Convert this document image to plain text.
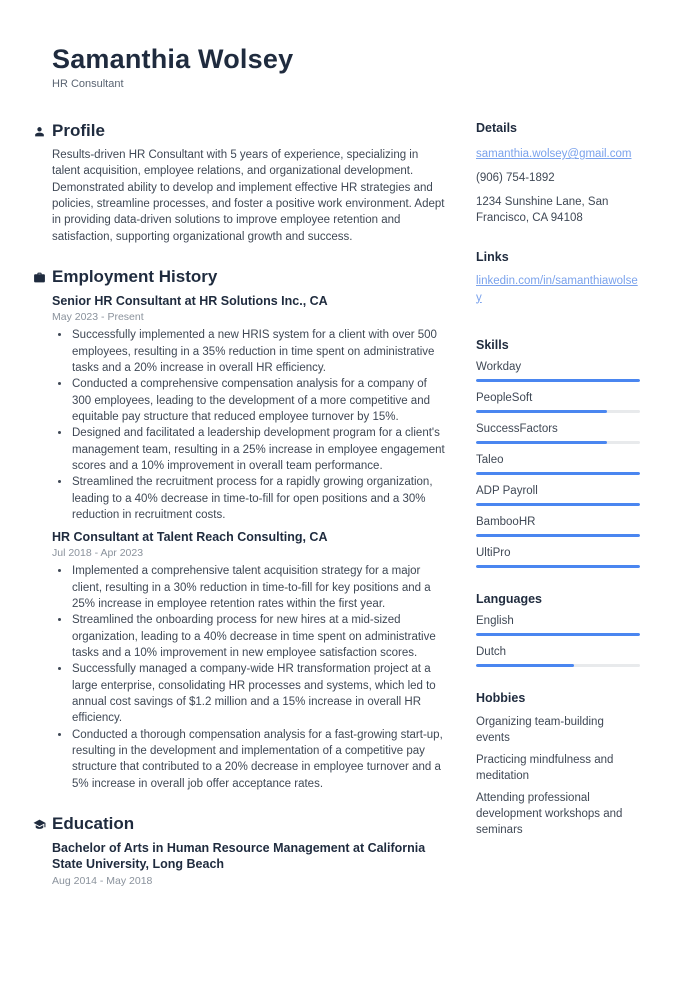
Samanthia Wolsey
HR Consultant
Profile

Results-driven HR Consultant with 5 years of experience, specializing in talent acquisition, employee relations, and organizational development. Demonstrated ability to develop and implement effective HR strategies and policies, streamline processes, and foster a positive work environment. Adept in providing data-driven solutions to improve employee retention and satisfaction, supporting organizational growth and success.

Employment History
Senior HR Consultant at HR Solutions Inc., CA
May 2023 - Present
• Successfully implemented a new HRIS system for a client with over 500 employees, resulting in a 35% reduction in time spent on administrative tasks and a 20% increase in overall HR efficiency.
• Conducted a comprehensive compensation analysis for a company of 300 employees, leading to the development of a more competitive and equitable pay structure that reduced employee turnover by 15%.
• Designed and facilitated a leadership development program for a client's management team, resulting in a 25% increase in employee engagement scores and a 10% improvement in overall team performance.
• Streamlined the recruitment process for a rapidly growing organization, leading to a 40% decrease in time-to-fill for open positions and a 30% reduction in recruitment costs.
HR Consultant at Talent Reach Consulting, CA
Jul 2018 - Apr 2023
• Implemented a comprehensive talent acquisition strategy for a major client, resulting in a 30% reduction in time-to-fill for key positions and a 25% increase in employee retention rates within the first year.
• Streamlined the onboarding process for new hires at a mid-sized organization, leading to a 40% decrease in time spent on administrative tasks and a 10% improvement in new employee satisfaction scores.
• Successfully managed a company-wide HR transformation project at a large enterprise, consolidating HR processes and systems, which led to annual cost savings of $1.2 million and a 15% increase in overall HR efficiency.
• Conducted a thorough compensation analysis for a fast-growing start-up, resulting in the development and implementation of a competitive pay structure that contributed to a 20% decrease in employee turnover and a 5% increase in overall job offer acceptance rates.
Education
Bachelor of Arts in Human Resource Management at California State University, Long Beach
Aug 2014 - May 2018
Details
samanthia.wolsey@gmail.com
(906) 754-1892
1234 Sunshine Lane, San Francisco, CA 94108
Links
linkedin.com/in/samanthiawolsey
Skills
Workday
PeopleSoft
SuccessFactors
Taleo
ADP Payroll
BambooHR
UltiPro
Languages
English
Dutch
Hobbies
Organizing team-building events
Practicing mindfulness and meditation
Attending professional development workshops and seminars
